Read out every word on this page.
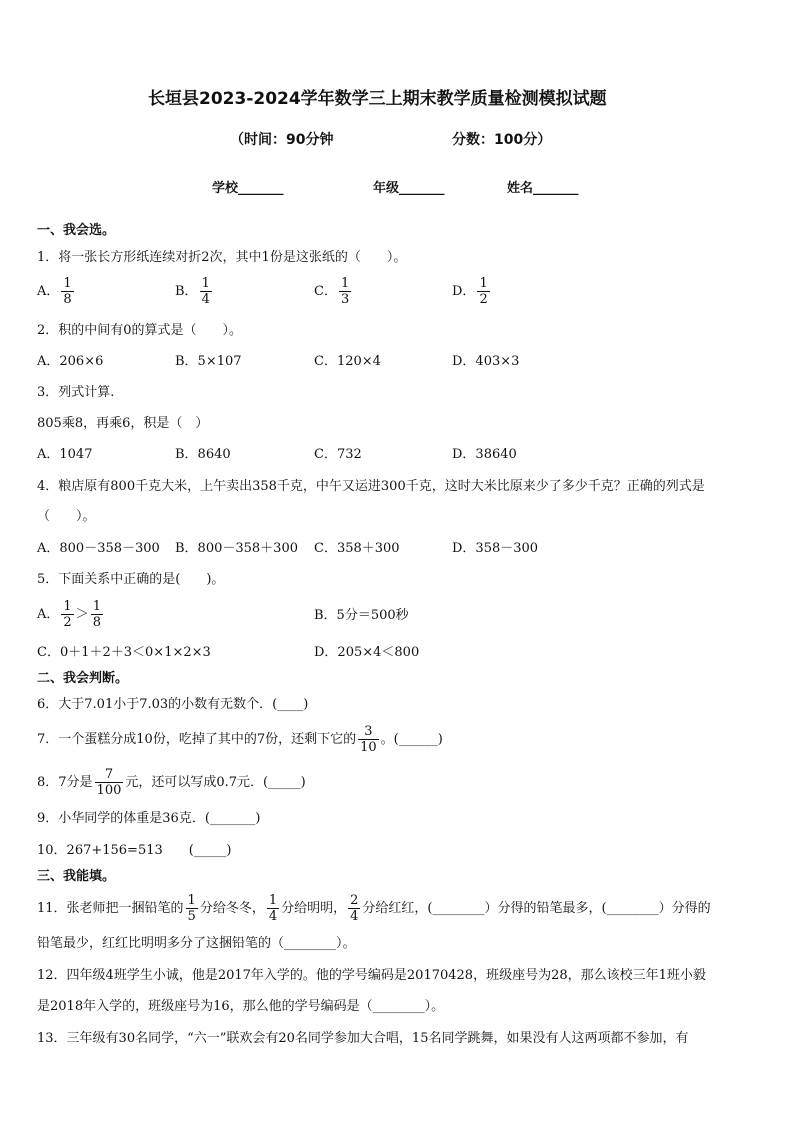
长垣县2023-2024学年数学三上期末教学质量检测模拟试题
（时间：90分钟	分数：100分）
学校_______	年级_______	姓名_______
一、我会选。
1．将一张长方形纸连续对折2次，其中1份是这张纸的（　　）。
A． $\frac{1}{8}$	B． $\frac{1}{4}$	C． $\frac{1}{3}$	D． $\frac{1}{2}$
2．积的中间有0的算式是（　　）。
A．206×6	B．5×107	C．120×4	D．403×3
3．列式计算.
805乘8，再乘6，积是（　）
A．1047	B．8640	C．732	D．38640
4．粮店原有800千克大米，上午卖出358千克，中午又运进300千克，这时大米比原来少了多少千克？正确的列式是
（　　）。
A．800－358－300 B．800－358＋300 C．358＋300	D．358－300
5．下面关系中正确的是(　　)。
A． $\frac{1}{2} > \frac{1}{8}$	B．5分＝500秒
C．0＋1＋2＋3＜0×1×2×3	D．205×4＜800
二、我会判断。
6．大于7.01小于7.03的小数有无数个．(____)
7．一个蛋糕分成10份，吃掉了其中的7份，还剩下它的 $\frac{3}{10}$ 。(______)
8．7分是 $\frac{7}{100}$ 元，还可以写成0.7元．(_____)
9．小华同学的体重是36克．(_______)
10．267+156=513　　(_____)
三、我能填。
11．张老师把一捆铅笔的 $\frac{1}{5}$ 分给冬冬， $\frac{1}{4}$ 分给明明， $\frac{2}{4}$ 分给红红，(________）分得的铅笔最多，(________）分得的
铅笔最少，红红比明明多分了这捆铅笔的（________）。
12．四年级4班学生小诚，他是2017年入学的。他的学号编码是20170428，班级座号为28，那么该校三年1班小毅
是2018年入学的，班级座号为16，那么他的学号编码是（________）。
13．三年级有30名同学，“六一”联欢会有20名同学参加大合唱，15名同学跳舞，如果没有人这两项都不参加，有
